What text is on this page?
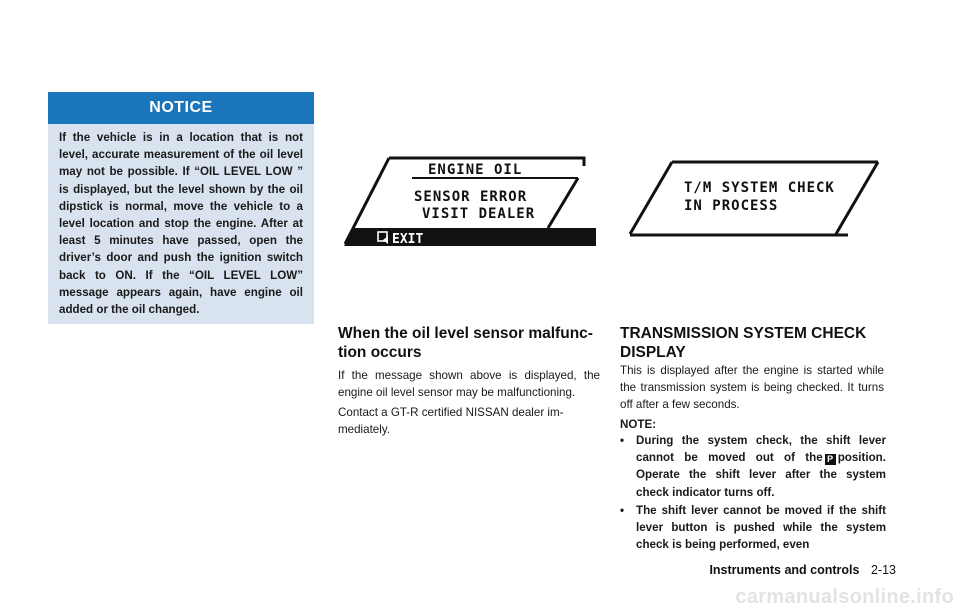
NOTICE
If the vehicle is in a location that is not level, accurate measurement of the oil level may not be possible. If “OIL LEVEL LOW ” is displayed, but the level shown by the oil dipstick is normal, move the vehicle to a level location and stop the engine. After at least 5 minutes have passed, open the driver’s door and push the ignition switch back to ON. If the “OIL LEVEL LOW” message appears again, have engine oil added or the oil changed.
ENGINE OIL
SENSOR ERROR
VISIT DEALER
EXIT
T/M SYSTEM CHECK
IN PROCESS
When the oil level sensor malfunc-
tion occurs
If the message shown above is displayed, the engine oil level sensor may be malfunctioning.
Contact a GT-R certified NISSAN dealer im-mediately.
TRANSMISSION SYSTEM CHECK
DISPLAY
This is displayed after the engine is started while the transmission system is being checked. It turns off after a few seconds.
NOTE:
• During the system check, the shift lever cannot be moved out of the P position. Operate the shift lever after the system check indicator turns off.
• The shift lever cannot be moved if the shift lever button is pushed while the system check is being performed, even
Instruments and controls 2-13
carmanualsonline.info
